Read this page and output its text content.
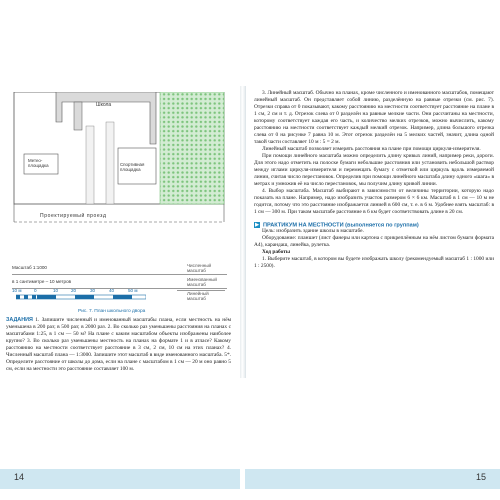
Школа
Метео-площадка	Спортивная площадка
Проектируемый проезд
Масштаб 1:1000	Численный масштаб
в 1 сантиметре – 10 метров	Именованный масштаб
10 м	0	10	20	30	40	50 м
Линейный масштаб
Рис. 7. План школьного двора
ЗАДАНИЯ 1. Запишите численный и именованный масштабы плана, если местность на нём уменьшена в 200 раз; в 500 раз; в 2000 раз. 2. Во сколько раз уменьшены расстояния на планах с масштабами 1:25, в 1 см — 50 м? На плане с каким масштабом объекты изображены наиболее крупно? 3. Во сколько раз уменьшены местность на планах на формате 1 и в атласе? Какому расстоянию на местности соответствует расстояние в 3 см, 2 см, 10 см на этих планах? 4. Численный масштаб плана — 1:3000. Запишите этот масштаб в виде именованного масштаба. 5*. Определите расстояние от школы до дома, если на плане с масштабом в 1 см — 20 м оно равно 5 см, если на местности это расстояние составляет 100 м.

3. Линейный масштаб. Обычно на планах, кроме численного и именованного масштабов, помещают линейный масштаб. Он представляет собой линию, разделённую на равные отрезки (см. рис. 7). Отрезки справа от 0 показывают, какому расстоянию на местности соответствует расстояние на плане в 1 см, 2 см и т. д. Отрезок слева от 0 разделён на равные мелкие части. Они рассчитаны на местности, которому соответствует каждая его часть, и количество мелких отрезков, можно вычислить, какому расстоянию на местности соответствует каждый мелкий отрезок. Например, длина большого отрезка слева от 0 на рисунке 7 равна 10 м. Этот отрезок разделён на 5 мелких частей, значит, длина одной такой части составляет 10 м : 5 = 2 м.

Линейный масштаб позволяет измерять расстояния на плане при помощи циркуля-измерителя.

При помощи линейного масштаба можно определить длину кривых линий, например реки, дороги. Для этого надо отметить на полоске бумаги небольшие расстояния или установить небольшой раствор между иглами циркуля-измерителя и перемещать бумагу с отметкой или циркуль вдоль измеряемой линии, считая число перестановок. Определив при помощи линейного масштаба длину одного «шага» в метрах и умножив её на число перестановок, мы получим длину кривой линии.

4. Выбор масштаба. Масштаб выбирают в зависимости от величины территории, которую надо показать на плане. Например, надо изобразить участок размером 6 × 6 км. Масштаб в 1 см — 10 м не годится, потому что это расстояние изображается линией в 600 см, т. е. в 6 м. Удобнее взять масштаб: в 1 см — 300 м. При таком масштабе расстояние в 6 км будет соответствовать длине в 20 см.

▶ ПРАКТИКУМ НА МЕСТНОСТИ (выполняется по группам)

Цель: изобразить здание школы в масштабе.

Оборудование: планшет (лист фанеры или картона с прикреплённым на нём листом бумаги формата А4), карандаш, линейка, рулетка.

Ход работы

1. Выберите масштаб, в котором вы будете изображать школу (рекомендуемый масштаб 1 : 1000 или 1 : 2500).

14	15
